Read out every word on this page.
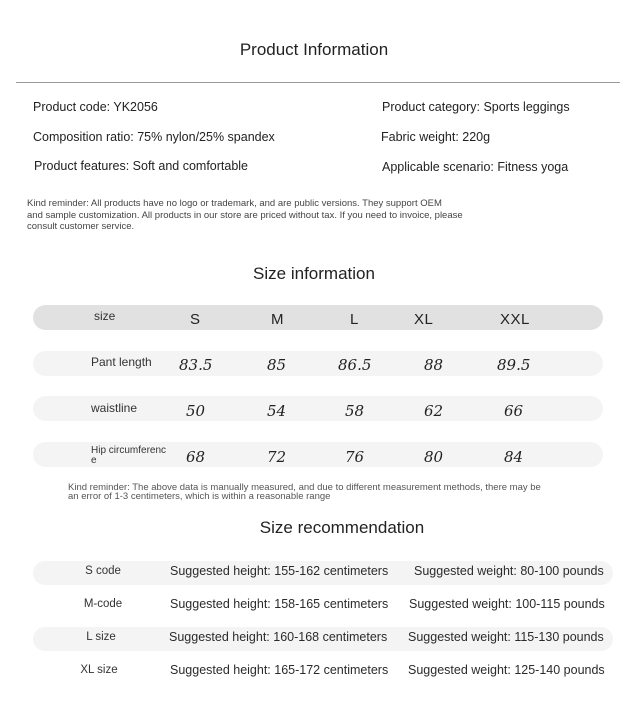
Product Information
Product code: YK2056	Product category: Sports leggings
Composition ratio: 75% nylon/25% spandex	Fabric weight: 220g
Product features: Soft and comfortable	Applicable scenario: Fitness yoga
Kind reminder: All products have no logo or trademark, and are public versions. They support OEM
and sample customization. All products in our store are priced without tax. If you need to invoice, please
consult customer service.
Size information
size	S	M	L	XL	XXL
Pant length 83.5	85	86.5	88	89.5
waistline	50	54	58	62	66
Hip circumferenc
e	68	72	76	80	84
Kind reminder: The above data is manually measured, and due to different measurement methods, there may be
an error of 1-3 centimeters, which is within a reasonable range
Size recommendation
S code	Suggested height: 155-162 centimeters Suggested weight: 80-100 pounds
M-code	Suggested height: 158-165 centimeters Suggested weight: 100-115 pounds
L size	Suggested height: 160-168 centimeters Suggested weight: 115-130 pounds
XL size	Suggested height: 165-172 centimeters Suggested weight: 125-140 pounds
